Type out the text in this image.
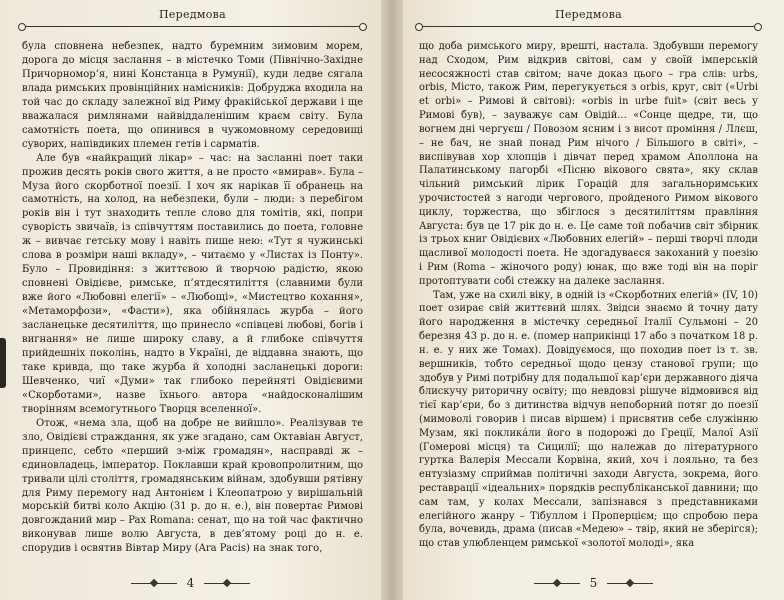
Передмова

була сповнена небезпек, надто буремним зимовим морем, дорога до місця заслання – в містечко Томи (Північно-Західне Причорномор’я, нині Констанца в Румунії), куди ледве сягала влада римських провінційних намісників: Добруджа входила на той час до складу залежної від Риму фракійської держави і ще вважалася римлянами найвіддаленішим краєм світу. Була самотність поета, що опинився в чужомовному середовищі суворих, напівдиких племен гетів і сарматів.

Але був «найкращий лікар» – час: на засланні поет таки прожив десять років свого життя, а не просто «вмирав». Була – Муза його скорботної поезії. І хоч як нарікав її обранець на самотність, на холод, на небезпеки, були – люди: з перебігом років він і тут знаходить тепле слово для томітів, які, попри суворість звичаїв, із співчуттям поставились до поета, головне ж – вивчає гетську мову і навіть пише нею: «Тут я чужинські слова в розміри наші вкладу», – читаємо у «Листах із Понту». Було – Провидіння: з життєвою й творчою радістю, якою сповнені Овідієве, римське, п’ятдесятиліття (славними були вже його «Любовні елегії» – «Любощі», «Мистецтво кохання», «Метаморфози», «Фасти»), яка обійнялась журба – його засланецьке десятиліття, що принесло «співцеві любові, богів і вигнання» не лише широку славу, а й глибоке співчуття прийдешніх поколінь, надто в Україні, де віддавна знають, що таке кривда, що таке журба й холодні засланецькі дороги: Шевченко, чиї «Думи» так глибоко перейняті Овідієвими «Скорботами», назве їхнього автора «найдосконалішим творінням всемогутнього Творця вселенної».

Отож, «нема зла, щоб на добре не вийшло». Реалізував те зло, Овідієві страждання, як уже згадано, сам Октавіан Август, принцепс, себто «перший з-між громадян», насправді ж – єдиновладець, імператор. Поклавши край кровопролитним, що тривали цілі століття, громадянським війнам, здобувши рятівну для Риму перемогу над Антонієм і Клеопатрою у вирішальній морській битві коло Акцію (31 р. до н. е.), він повертає Римові довгожданий мир – Pax Romana: сенат, що на той час фактично виконував лише волю Августа, в дев’ятому році до н. е. спорудив і освятив Вівтар Миру (Ara Pacis) на знак того,

4
Передмова

що доба римського миру, врешті, настала. Здобувши перемогу над Сходом, Рим відкрив світові, сам у своїй імперській несосяжності став світом; наче доказ цього – гра слів: urbs, orbis, Місто, також Рим, перегукується з orbis, круг, світ («Urbi et orbi» – Римові й світові): «orbis in urbe fuit» (світ весь у Римові був), – зауважує сам Овідій... «Сонце щедре, ти, що вогнем дні чергуєш / Повозом ясним і з висот проміння / Ллєш, – не бач, не знай понад Рим нічого / Більшого в світі», – виспівував хор хлопців і дівчат перед храмом Аполлона на Палатинському пагорбі «Пісню вікового свята», яку склав чільний римський лірик Горацій для загальноримських урочистостей з нагоди чергового, пройденого Римом вікового циклу, торжества, що збіглося з десятиліттям правління Августа: був це 17 рік до н. е. Це саме той побачив світ збірник із трьох книг Овідієвих «Любовних елегій» – перші творчі плоди щасливої молодості поета. Не здогадуваєся закоханий у поезію і Рим (Roma – жіночого роду) юнак, що вже тоді він на поріг протоптувати собі стежку на далеке заслання.

Там, уже на схилі віку, в одній із «Скорботних елегій» (IV, 10) поет озирає свій життєвий шлях. Звідси знаємо й точну дату його народження в містечку середньої Італії Сульмоні – 20 березня 43 р. до н. е. (помер наприкінці 17 або з початком 18 р. н. е. у них же Томах). Довідуємося, що походив поет із т. зв. вершників, тобто середньої щодо цензу станової групи; що здобув у Римі потрібну для подальшої кар’єри державного діяча блискучу риторичну освіту; що невдовзі рішуче відмовився від тієї кар’єри, бо з дитинства відчув непоборний потяг до поезії (мимоволі говорив і писав віршем) і присвятив себе служінню Музам, які поклика́ли його в подорожі до Греції, Малої Азії (Гомерові місця) та Сицилії; що належав до літературного гуртка Валерія Мессали Корвіна, який, хоч і лояльно, та без ентузіазму сприймав політичні заходи Августа, зокрема, його реставрації «ідеальних» порядків республіканської давнини; що сам там, у колах Мессали, запізнався з представниками елегійного жанру – Тібуллом і Проперцієм; що спробою пера була, вочевидь, драма (писав «Медею» – твір, який не зберігся); що став улюбленцем римської «золотої молоді», яка

5
